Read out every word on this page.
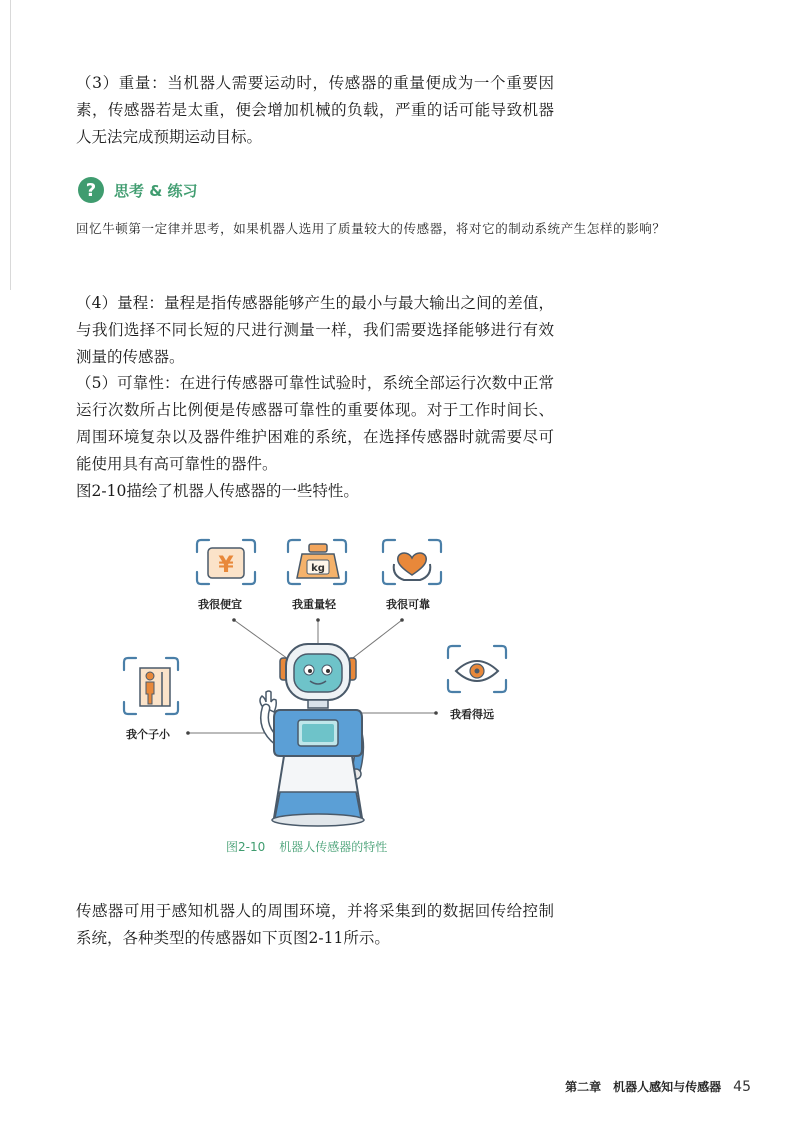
（3）重量：当机器人需要运动时，传感器的重量便成为一个重要因素，传感器若是太重，便会增加机械的负载，严重的话可能导致机器人无法完成预期运动目标。

?	思考 & 练习

回忆牛顿第一定律并思考，如果机器人选用了质量较大的传感器，将对它的制动系统产生怎样的影响？

（4）量程：量程是指传感器能够产生的最小与最大输出之间的差值，与我们选择不同长短的尺进行测量一样，我们需要选择能够进行有效测量的传感器。

（5）可靠性：在进行传感器可靠性试验时，系统全部运行次数中正常运行次数所占比例便是传感器可靠性的重要体现。对于工作时间长、周围环境复杂以及器件维护困难的系统，在选择传感器时就需要尽可能使用具有高可靠性的器件。

图2-10描绘了机器人传感器的一些特性。

¥	kg
我很便宜	我重量轻	我很可靠
我个子小
我看得远
图2-10 机器人传感器的特性

传感器可用于感知机器人的周围环境，并将采集到的数据回传给控制系统，各种类型的传感器如下页图2-11所示。

第二章　机器人感知与传感器 45
